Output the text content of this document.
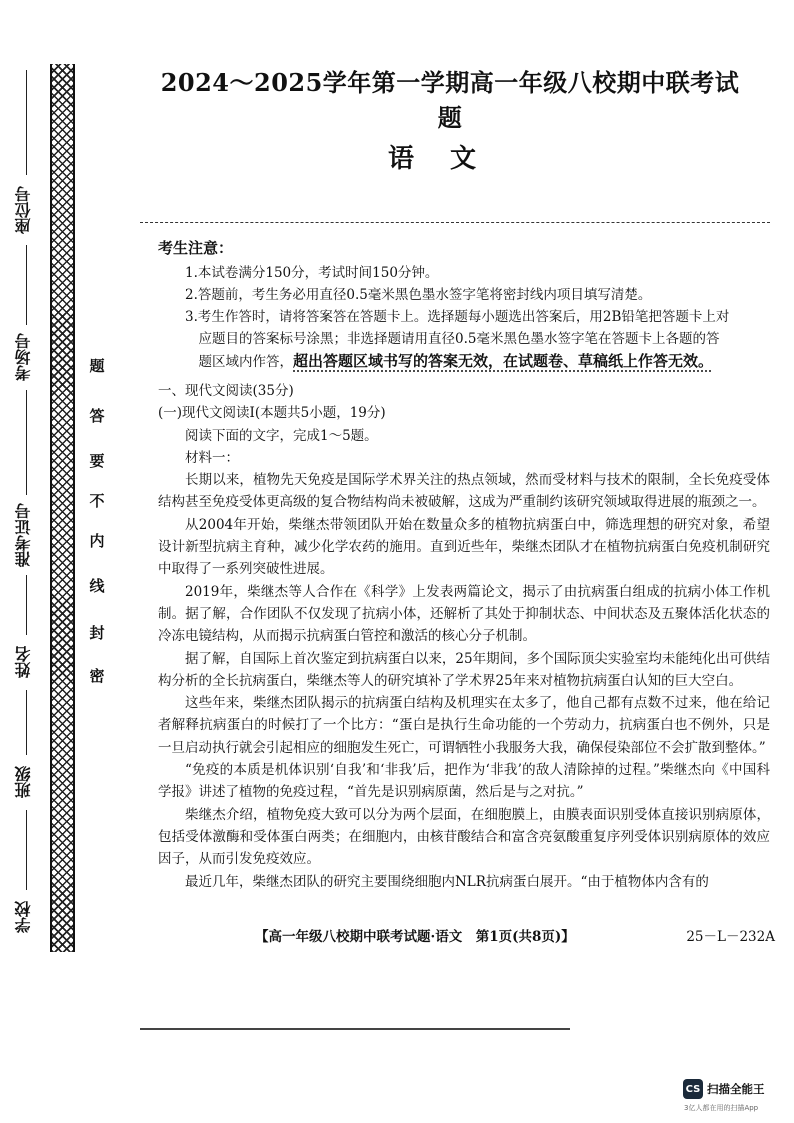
座位号
考场号
准考证号
姓名
班级
学校
题
答
要
不
内
线
封
密
2024～2025学年第一学期高一年级八校期中联考试题
语文
考生注意：
1.本试卷满分150分，考试时间150分钟。
2.答题前，考生务必用直径0.5毫米黑色墨水签字笔将密封线内项目填写清楚。
3.考生作答时，请将答案答在答题卡上。选择题每小题选出答案后，用2B铅笔把答题卡上对
应题目的答案标号涂黑；非选择题请用直径0.5毫米黑色墨水签字笔在答题卡上各题的答
题区域内作答，超出答题区域书写的答案无效，在试题卷、草稿纸上作答无效。

一、现代文阅读(35分)

(一)现代文阅读Ⅰ(本题共5小题，19分)

阅读下面的文字，完成1～5题。

材料一：

长期以来，植物先天免疫是国际学术界关注的热点领域，然而受材料与技术的限制，全长免疫受体结构甚至免疫受体更高级的复合物结构尚未被破解，这成为严重制约该研究领域取得进展的瓶颈之一。

从2004年开始，柴继杰带领团队开始在数量众多的植物抗病蛋白中，筛选理想的研究对象，希望设计新型抗病主育种，减少化学农药的施用。直到近些年，柴继杰团队才在植物抗病蛋白免疫机制研究中取得了一系列突破性进展。

2019年，柴继杰等人合作在《科学》上发表两篇论文，揭示了由抗病蛋白组成的抗病小体工作机制。据了解，合作团队不仅发现了抗病小体，还解析了其处于抑制状态、中间状态及五聚体活化状态的冷冻电镜结构，从而揭示抗病蛋白管控和激活的核心分子机制。

据了解，自国际上首次鉴定到抗病蛋白以来，25年期间，多个国际顶尖实验室均未能纯化出可供结构分析的全长抗病蛋白，柴继杰等人的研究填补了学术界25年来对植物抗病蛋白认知的巨大空白。

这些年来，柴继杰团队揭示的抗病蛋白结构及机理实在太多了，他自己都有点数不过来，他在给记者解释抗病蛋白的时候打了一个比方：“蛋白是执行生命功能的一个劳动力，抗病蛋白也不例外，只是一旦启动执行就会引起相应的细胞发生死亡，可谓牺牲小我服务大我，确保侵染部位不会扩散到整体。”

“免疫的本质是机体识别‘自我’和‘非我’后，把作为‘非我’的敌人清除掉的过程。”柴继杰向《中国科学报》讲述了植物的免疫过程，“首先是识别病原菌，然后是与之对抗。”

柴继杰介绍，植物免疫大致可以分为两个层面，在细胞膜上，由膜表面识别受体直接识别病原体，包括受体激酶和受体蛋白两类；在细胞内，由核苷酸结合和富含亮氨酸重复序列受体识别病原体的效应因子，从而引发免疫效应。

最近几年，柴继杰团队的研究主要围绕细胞内NLR抗病蛋白展开。“由于植物体内含有的

【高一年级八校期中联考试题·语文　第1页(共8页)】	25－L－232A
CS 扫描全能王
3亿人都在用的扫描App
